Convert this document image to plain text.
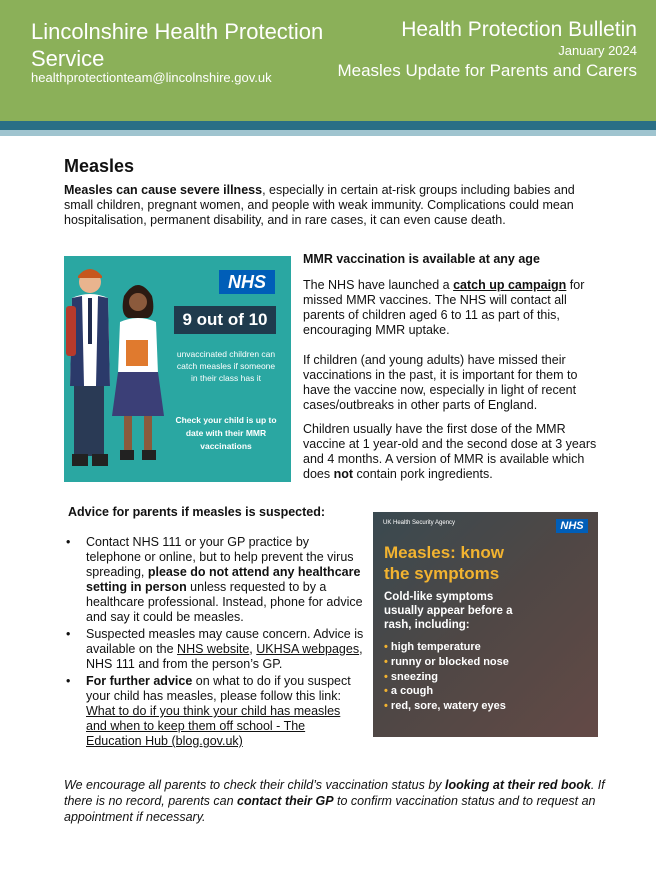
Lincolnshire Health Protection Service
healthprotectionteam@lincolnshire.gov.uk
Health Protection Bulletin
January 2024
Measles Update for Parents and Carers
Measles
Measles can cause severe illness, especially in certain at-risk groups including babies and small children, pregnant women, and people with weak immunity. Complications could mean hospitalisation, permanent disability, and in rare cases, it can even cause death.
NHS
9 out of 10
unvaccinated children can catch measles if someone in their class has it
Check your child is up to date with their MMR vaccinations

MMR vaccination is available at any age

The NHS have launched a catch up campaign for missed MMR vaccines. The NHS will contact all parents of children aged 6 to 11 as part of this, encouraging MMR uptake.

If children (and young adults) have missed their vaccinations in the past, it is important for them to have the vaccine now, especially in light of recent cases/outbreaks in other parts of England.

Children usually have the first dose of the MMR vaccine at 1 year-old and the second dose at 3 years and 4 months. A version of MMR is available which does not contain pork ingredients.

Advice for parents if measles is suspected:
• Contact NHS 111 or your GP practice by telephone or online, but to help prevent the virus spreading, please do not attend any healthcare setting in person unless requested to by a healthcare professional. Instead, phone for advice and say it could be measles.
• Suspected measles may cause concern. Advice is available on the NHS website, UKHSA webpages, NHS 111 and from the person’s GP.
• For further advice on what to do if you suspect your child has measles, please follow this link:
What to do if you think your child has measles and when to keep them off school - The Education Hub (blog.gov.uk)
UK Health Security Agency	NHS
Measles: know
the symptoms
Cold-like symptoms usually appear before a rash, including:
• high temperature
• runny or blocked nose
• sneezing
• a cough
• red, sore, watery eyes
We encourage all parents to check their child’s vaccination status by looking at their red book. If there is no record, parents can contact their GP to confirm vaccination status and to request an appointment if necessary.
